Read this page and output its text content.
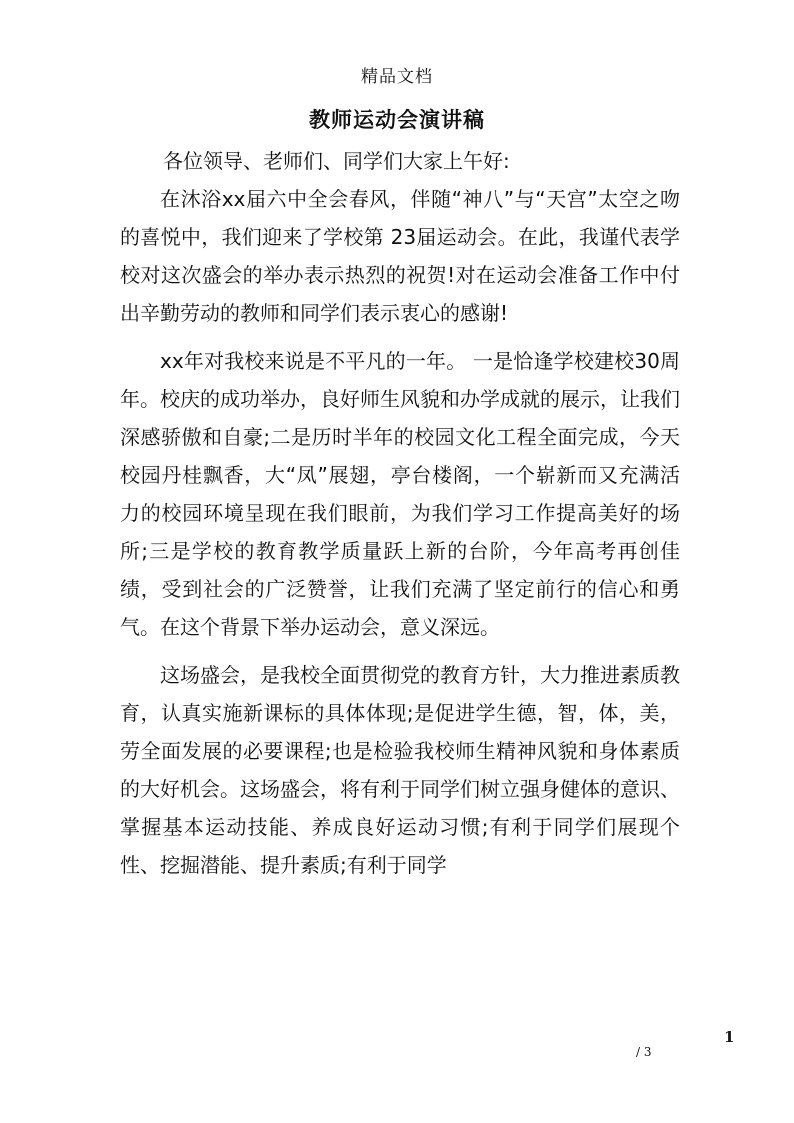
精品文档
教师运动会演讲稿

各位领导、老师们、同学们大家上午好:

在沐浴xx届六中全会春风，伴随“神八”与“天宫”太空之吻的喜悦中，我们迎来了学校第 23届运动会。在此，我谨代表学校对这次盛会的举办表示热烈的祝贺!对在运动会准备工作中付出辛勤劳动的教师和同学们表示衷心的感谢!

xx年对我校来说是不平凡的一年。 一是恰逢学校建校30周年。校庆的成功举办，良好师生风貌和办学成就的展示，让我们深感骄傲和自豪;二是历时半年的校园文化工程全面完成，今天校园丹桂飘香，大“凤”展翅，亭台楼阁，一个崭新而又充满活力的校园环境呈现在我们眼前，为我们学习工作提高美好的场所;三是学校的教育教学质量跃上新的台阶，今年高考再创佳绩，受到社会的广泛赞誉，让我们充满了坚定前行的信心和勇气。在这个背景下举办运动会，意义深远。

这场盛会，是我校全面贯彻党的教育方针，大力推进素质教育，认真实施新课标的具体体现;是促进学生德，智，体，美，劳全面发展的必要课程;也是检验我校师生精神风貌和身体素质的大好机会。这场盛会，将有利于同学们树立强身健体的意识、掌握基本运动技能、养成良好运动习惯;有利于同学们展现个性、挖掘潜能、提升素质;有利于同学

1
/ 3
